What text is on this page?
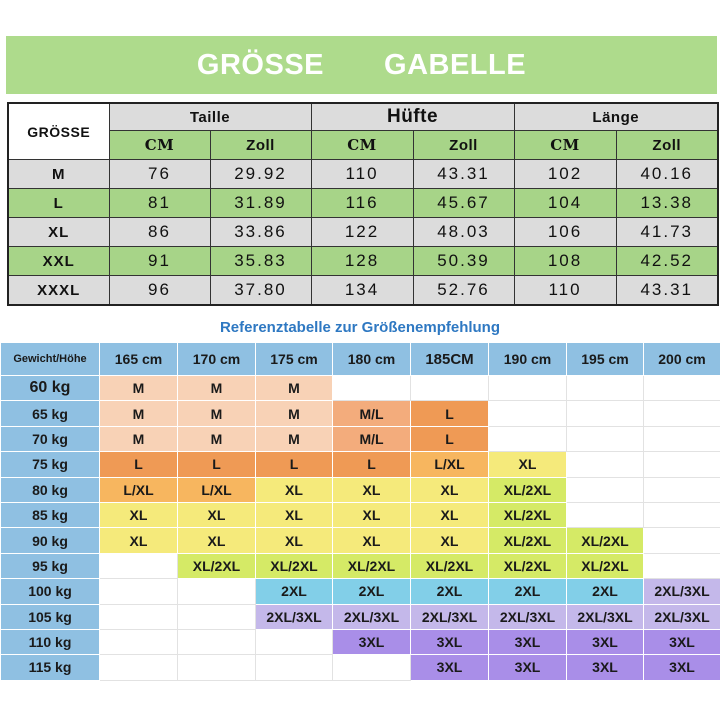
GRÖSSE GABELLE
GRÖSSE	Taille		Hüfte		Länge	
	CM	Zoll	CM	Zoll	CM	Zoll
M	76	29.92	110	43.31	102	40.16
L	81	31.89	116	45.67	104	13.38
XL	86	33.86	122	48.03	106	41.73
XXL	91	35.83	128	50.39	108	42.52
XXXL	96	37.80	134	52.76	110	43.31
Referenztabelle zur Größenempfehlung
Gewicht/Höhe	165 cm	170 cm	175 cm	180 cm	185CM	190 cm	195 cm	200 cm
60 kg	M	M	M					
65 kg	M	M	M	M/L	L			
70 kg	M	M	M	M/L	L			
75 kg	L	L	L	L	L/XL	XL		
80 kg	L/XL	L/XL	XL	XL	XL	XL/2XL		
85 kg	XL	XL	XL	XL	XL	XL/2XL		
90 kg	XL	XL	XL	XL	XL	XL/2XL	XL/2XL	
95 kg		XL/2XL	XL/2XL	XL/2XL	XL/2XL	XL/2XL	XL/2XL	
100 kg			2XL	2XL	2XL	2XL	2XL	2XL/3XL
105 kg			2XL/3XL	2XL/3XL	2XL/3XL	2XL/3XL	2XL/3XL	2XL/3XL
110 kg				3XL	3XL	3XL	3XL	3XL
115 kg					3XL	3XL	3XL	3XL
